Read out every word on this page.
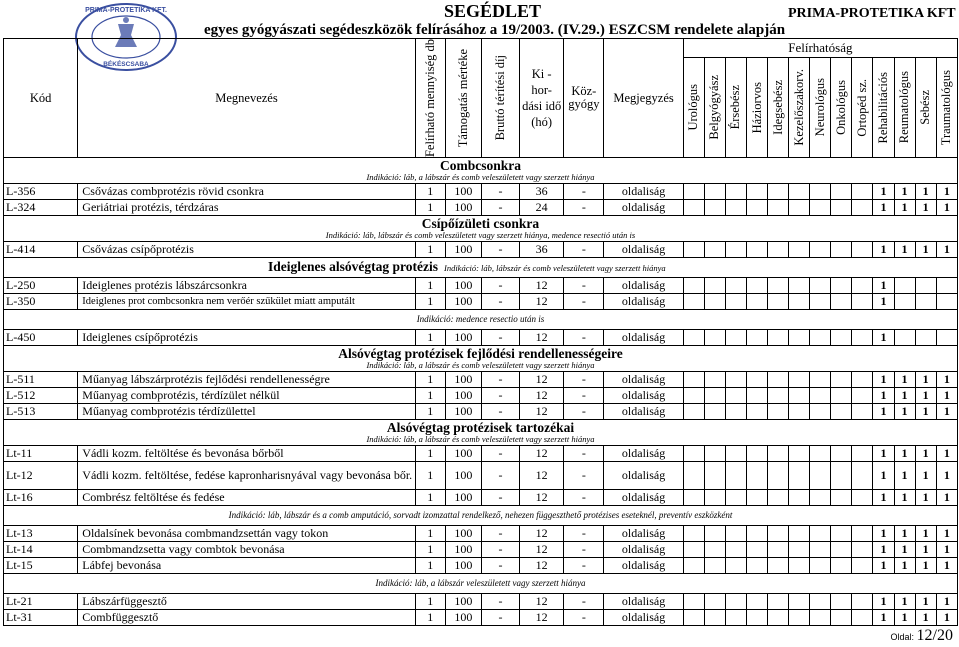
PRIMA-PROTETIKA KFT.
BÉKÉSCSABA
SEGÉDLET
egyes gyógyászati segédeszközök felírásához a 19/2003. (IV.29.) ESZCSM rendelete alapján
PRIMA-PROTETIKA KFT
Kód	Megnevezés	Felírható mennyiség db	Támogatás mértéke	Bruttó térítési díj	Ki - hor- dási idő (hó)	Köz- gyógy	Megjegyzés	Felírhatóság												

								Urológus	Belgyógyász	Érsebész	Háziorvos	Idegsebész	Kezelőszakorv.	Neurológus	Onkológus	Ortopéd sz.	Rehabilitációs	Reumatológus	Sebész	Traumatológus

Combcsonkra
Indikáció: láb, a lábszár és comb veleszületett vagy szerzett hiánya																				

L-356	Csővázas combprotézis rövid csonkra	1	100	-	36	-	oldaliság										1	1	1	1
L-324	Geriátriai protézis, térdzáras	1	100	-	24	-	oldaliság										1	1	1	1

Csípőízületi csonkra
Indikáció: láb, lábszár és comb veleszületett vagy szerzett hiánya, medence resectió után is																				

L-414	Csővázas csípőprotézis	1	100	-	36	-	oldaliság										1	1	1	1
Ideiglenes alsóvégtag protézis Indikáció: láb, lábszár és comb veleszületett vagy szerzett hiánya																				
L-250	Ideiglenes protézis lábszárcsonkra	1	100	-	12	-	oldaliság										1			
L-350	Ideiglenes prot combcsonkra nem verőér szűkület miatt amputált	1	100	-	12	-	oldaliság										1			
Indikáció: medence resectio után is																				
L-450	Ideiglenes csípőprotézis	1	100	-	12	-	oldaliság										1			

Alsóvégtag protézisek fejlődési rendellenességeire
Indikáció: láb, a lábszár és comb veleszületett vagy szerzett hiánya																				

L-511	Műanyag lábszárprotézis fejlődési rendellenességre	1	100	-	12	-	oldaliság										1	1	1	1
L-512	Műanyag combprotézis, térdízület nélkül	1	100	-	12	-	oldaliság										1	1	1	1
L-513	Műanyag combprotézis térdízülettel	1	100	-	12	-	oldaliság										1	1	1	1

Alsóvégtag protézisek tartozékai
Indikáció: láb, a lábszár és comb veleszületett vagy szerzett hiánya																				

Lt-11	Vádli kozm. feltöltése és bevonása bőrből	1	100	-	12	-	oldaliság										1	1	1	1
Lt-12	Vádli kozm. feltöltése, fedése kapronharisnyával vagy bevonása bőr.	1	100	-	12	-	oldaliság										1	1	1	1
Lt-16	Combrész feltöltése és fedése	1	100	-	12	-	oldaliság										1	1	1	1
Indikáció: láb, lábszár és a comb amputáció, sorvadt izomzattal rendelkező, nehezen függeszthető protézises eseteknél, preventív eszközként																				
Lt-13	Oldalsínek bevonása combmandzsettán vagy tokon	1	100	-	12	-	oldaliság										1	1	1	1
Lt-14	Combmandzsetta vagy combtok bevonása	1	100	-	12	-	oldaliság										1	1	1	1
Lt-15	Lábfej bevonása	1	100	-	12	-	oldaliság										1	1	1	1
Indikáció: láb, a lábszár veleszületett vagy szerzett hiánya																				
Lt-21	Lábszárfüggesztő	1	100	-	12	-	oldaliság										1	1	1	1
Lt-31	Combfüggesztő	1	100	-	12	-	oldaliság										1	1	1	1
Oldal: 12/20
